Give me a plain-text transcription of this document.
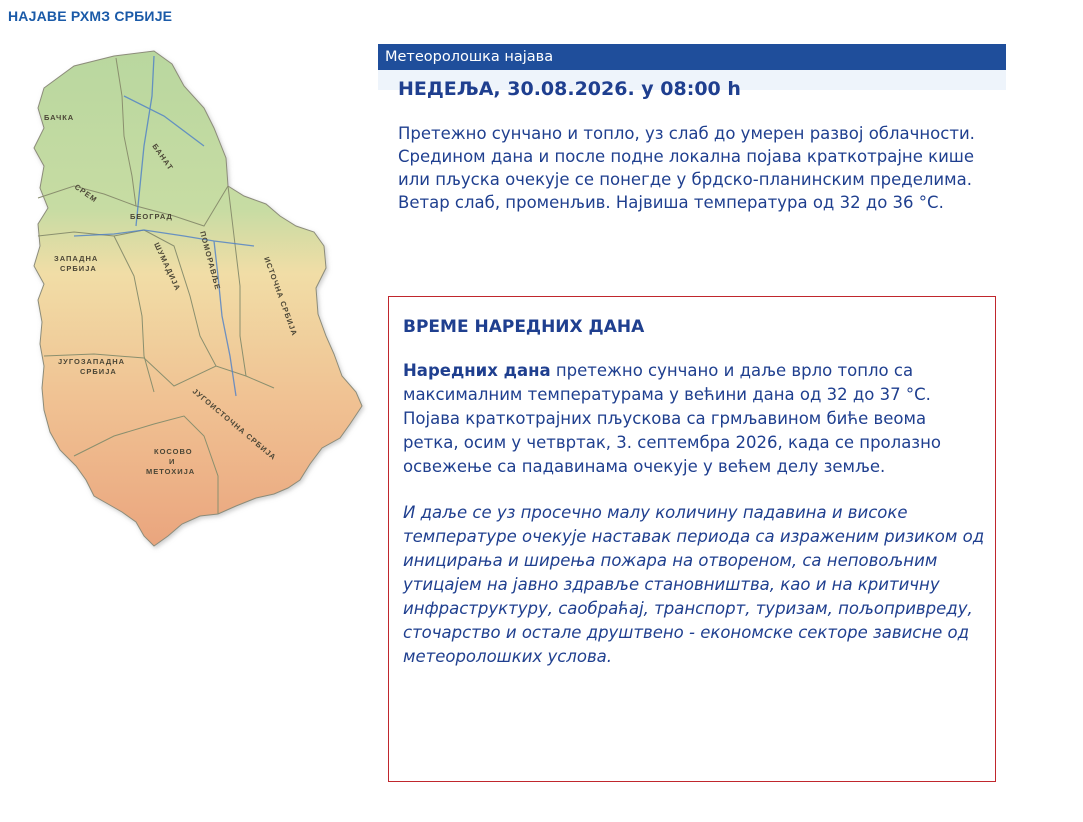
НАЈАВЕ РХМЗ СРБИЈЕ
БАЧКА
БАНАТ
СРЕМ
БЕОГРАД
ЗАПАДНА
СРБИЈА	ШУМАДИЈА ПОМОРАВЉЕ	ИСТОЧНА СРБИЈА
ЈУГОЗАПАДНА
СРБИЈА
ЈУГОИСТОЧНА СРБИЈА
КОСОВО
И
МЕТОХИЈА
Метеоролошка најава
НЕДЕЉА, 30.08.2026. у 08:00 h
Претежно сунчано и топло, уз слаб до умерен развој облачности. Средином дана и после подне локална појава краткотрајне кише или пљуска очекује се понегде у брдско-планинским пределима. Ветар слаб, променљив. Највиша температура од 32 до 36 °C.
ВРЕМЕ НАРЕДНИХ ДАНА
Наредних дана претежно сунчано и даље врло топло са максималним температурама у већини дана од 32 до 37 °C. Појава краткотрајних пљускова са грмљавином биће веома ретка, осим у четвртак, 3. септембра 2026, када се пролазно освежење са падавинама очекује у већем делу земље.
И даље се уз просечно малу количину падавина и високе температуре очекује наставак периода са израженим ризиком од иницирања и ширења пожара на отвореном, са неповољним утицајем на јавно здравље становништва, као и на критичну инфраструктуру, саобраћај, транспорт, туризам, пољопривреду, сточарство и остале друштвено - економске секторе зависне од метеоролошких услова.
